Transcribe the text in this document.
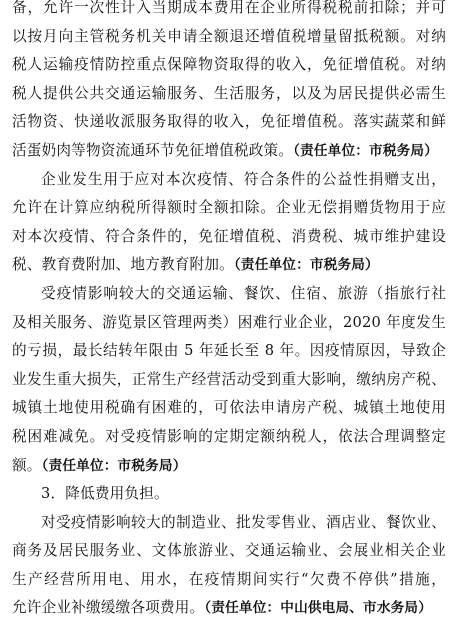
备，允许一次性计入当期成本费用在企业所得税税前扣除；并可
以按月向主管税务机关申请全额退还增值税增量留抵税额。对纳
税人运输疫情防控重点保障物资取得的收入，免征增值税。对纳
税人提供公共交通运输服务、生活服务，以及为居民提供必需生
活物资、快递收派服务取得的收入，免征增值税。落实蔬菜和鲜
活蛋奶肉等物资流通环节免征增值税政策。（责任单位：市税务局）
企业发生用于应对本次疫情、符合条件的公益性捐赠支出，
允许在计算应纳税所得额时全额扣除。企业无偿捐赠货物用于应
对本次疫情、符合条件的，免征增值税、消费税、城市维护建设
税、教育费附加、地方教育附加。（责任单位：市税务局）
受疫情影响较大的交通运输、餐饮、住宿、旅游（指旅行社
及相关服务、游览景区管理两类）困难行业企业，2020 年度发生
的亏损，最长结转年限由 5 年延长至 8 年。因疫情原因，导致企
业发生重大损失，正常生产经营活动受到重大影响，缴纳房产税、
城镇土地使用税确有困难的，可依法申请房产税、城镇土地使用
税困难减免。对受疫情影响的定期定额纳税人，依法合理调整定
额。（责任单位：市税务局）
3．降低费用负担。
对受疫情影响较大的制造业、批发零售业、酒店业、餐饮业、
商务及居民服务业、文体旅游业、交通运输业、会展业相关企业
生产经营所用电、用水，在疫情期间实行“欠费不停供”措施，
允许企业补缴缓缴各项费用。（责任单位：中山供电局、市水务局）
